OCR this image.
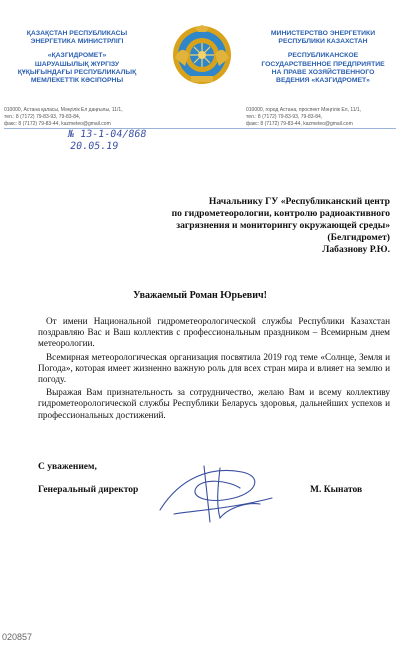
ҚАЗАҚСТАН РЕСПУБЛИКАСЫ
ЭНЕРГЕТИКА МИНИСТРЛІГІ
«ҚАЗГИДРОМЕТ»
ШАРУАШЫЛЫҚ ЖҮРГІЗУ
ҚҰҚЫҒЫНДАҒЫ РЕСПУБЛИКАЛЫҚ
МЕМЛЕКЕТТІК КӘСІПОРНЫ
МИНИСТЕРСТВО ЭНЕРГЕТИКИ
РЕСПУБЛИКИ КАЗАХСТАН
РЕСПУБЛИКАНСКОЕ
ГОСУДАРСТВЕННОЕ ПРЕДПРИЯТИЕ
НА ПРАВЕ ХОЗЯЙСТВЕННОГО
ВЕДЕНИЯ «КАЗГИДРОМЕТ»
010000, Астана қаласы, Мәңгілік Ел даңғылы, 11/1,
тел.: 8 (7172) 79-83-93, 79-83-84,
факс: 8 (7172) 79-83-44, kazmeteo@gmail.com
010000, город Астана, проспект Мәңгілік Ел, 11/1,
тел.: 8 (7172) 79-83-93, 79-83-84,
факс: 8 (7172) 79-83-44, kazmeteo@gmail.com
№ 13-1-04/868
20.05.19
Начальнику ГУ «Республиканский центр
по гидрометеорологии, контролю радиоактивного
загрязнения и мониторингу окружающей среды»
(Белгидромет)
Лабазнову Р.Ю.
Уважаемый Роман Юрьевич!

От имени Национальной гидрометеорологической службы Республики Казахстан поздравляю Вас и Ваш коллектив с профессиональным праздником – Всемирным днем метеорологии.

Всемирная метеорологическая организация посвятила 2019 год теме «Солнце, Земля и Погода», которая имеет жизненно важную роль для всех стран мира и влияет на землю и погоду.

Выражая Вам признательность за сотрудничество, желаю Вам и всему коллективу гидрометеорологической службы Республики Беларусь здоровья, дальнейших успехов и профессиональных достижений.

С уважением,
Генеральный директор	М. Кынатов
020857
